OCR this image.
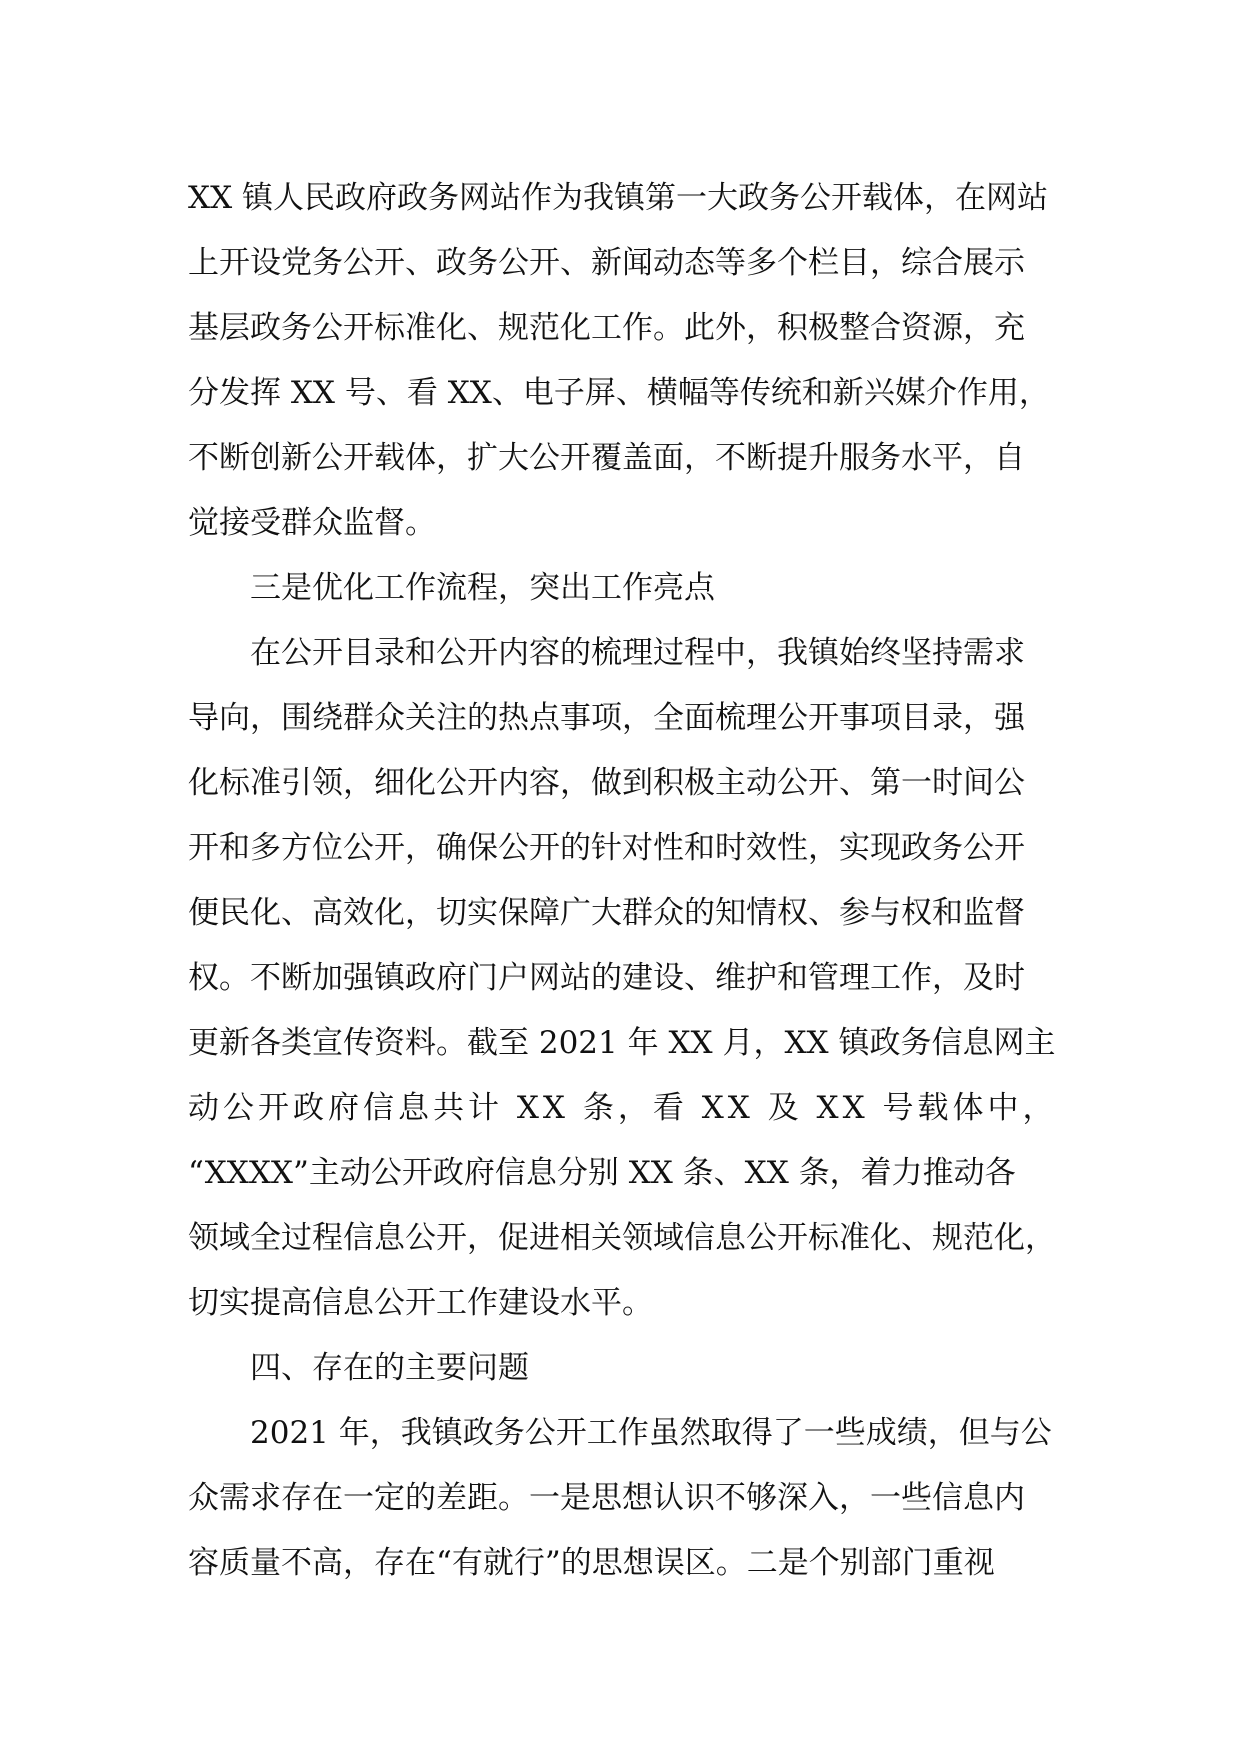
XX 镇人民政府政务网站作为我镇第一大政务公开载体，在网站

上开设党务公开、政务公开、新闻动态等多个栏目，综合展示

基层政务公开标准化、规范化工作。此外，积极整合资源，充

分发挥 XX 号、看 XX、电子屏、横幅等传统和新兴媒介作用，

不断创新公开载体，扩大公开覆盖面，不断提升服务水平，自

觉接受群众监督。

三是优化工作流程，突出工作亮点

在公开目录和公开内容的梳理过程中，我镇始终坚持需求

导向，围绕群众关注的热点事项，全面梳理公开事项目录，强

化标准引领，细化公开内容，做到积极主动公开、第一时间公

开和多方位公开，确保公开的针对性和时效性，实现政务公开

便民化、高效化，切实保障广大群众的知情权、参与权和监督

权。不断加强镇政府门户网站的建设、维护和管理工作，及时

更新各类宣传资料。截至 2021 年 XX 月，XX 镇政务信息网主

动公开政府信息共计 XX 条，看 XX 及 XX 号载体中，

“XXXX”主动公开政府信息分别 XX 条、XX 条，着力推动各

领域全过程信息公开，促进相关领域信息公开标准化、规范化，

切实提高信息公开工作建设水平。

四、存在的主要问题

2021 年，我镇政务公开工作虽然取得了一些成绩，但与公

众需求存在一定的差距。一是思想认识不够深入，一些信息内

容质量不高，存在“有就行”的思想误区。二是个别部门重视
